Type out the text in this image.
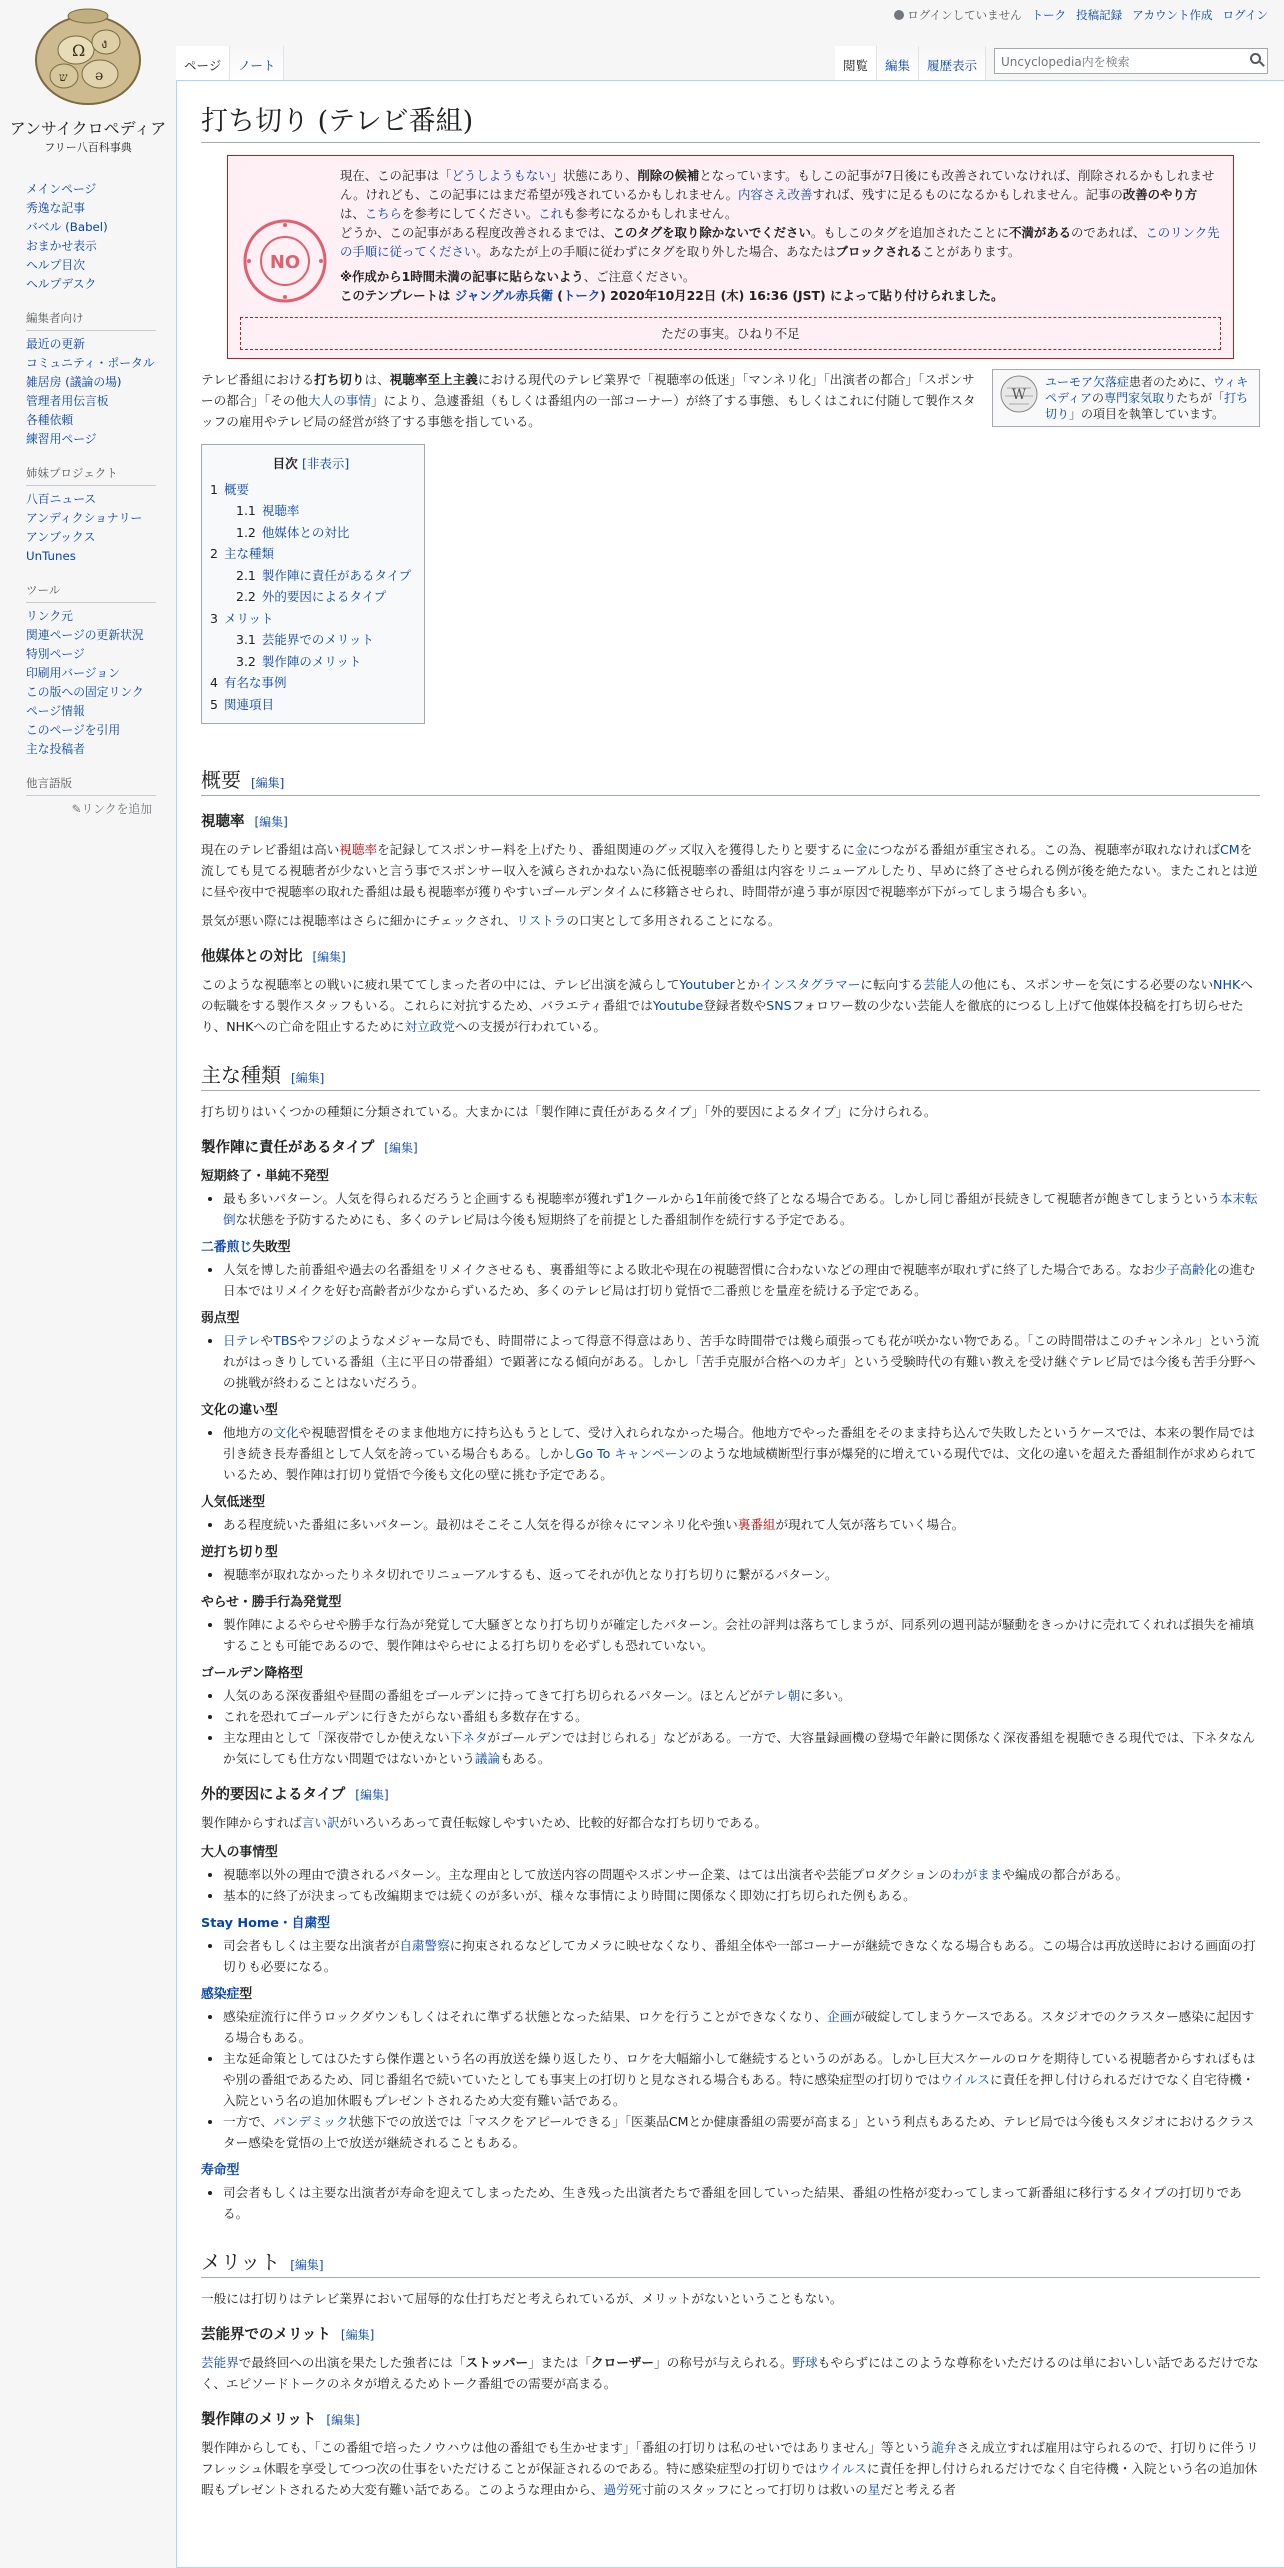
ログインしていません トーク 投稿記録 アカウント作成 ログイン
Ω ง
ə
ש
アンサイクロペディア
フリー八百科事典
メインページ
秀逸な記事
バベル (Babel)
おまかせ表示
ヘルプ目次
ヘルプデスク
編集者向け
最近の更新
コミュニティ・ポータル
雑居房 (議論の場)
管理者用伝言板
各種依頼
練習用ページ
姉妹プロジェクト
八百ニュース
アンディクショナリー
アンブックス
UnTunes
ツール
リンク元
関連ページの更新状況
特別ページ
印刷用バージョン
この版への固定リンク
ページ情報
このページを引用
主な投稿者
他言語版
✎リンクを追加
ページ ノート	閲覧 編集 履歴表示 Uncyclopedia内を検索
打ち切り (テレビ番組)
NO
現在、この記事は「どうしようもない」状態にあり、削除の候補となっています。もしこの記事が7日後にも改善されていなければ、削除されるかもしれません。けれども、この記事にはまだ希望が残されているかもしれません。内容さえ改善すれば、残すに足るものになるかもしれません。記事の改善のやり方は、こちらを参考にしてください。これも参考になるかもしれません。
どうか、この記事がある程度改善されるまでは、このタグを取り除かないでください。もしこのタグを追加されたことに不満があるのであれば、このリンク先の手順に従ってください。あなたが上の手順に従わずにタグを取り外した場合、あなたはブロックされることがあります。
※作成から1時間未満の記事に貼らないよう、ご注意ください。
このテンプレートは ジャングル赤兵衛 (トーク) 2020年10月22日 (木) 16:36 (JST) によって貼り付けられました。
ただの事実。ひねり不足
W
ユーモア欠落症患者のために、ウィキペディアの専門家気取りたちが「打ち切り」の項目を執筆しています。

テレビ番組における打ち切りは、視聴率至上主義における現代のテレビ業界で「視聴率の低迷」「マンネリ化」「出演者の都合」「スポンサーの都合」「その他大人の事情」により、急遽番組（もしくは番組内の一部コーナー）が終了する事態、もしくはこれに付随して製作スタッフの雇用やテレビ局の経営が終了する事態を指している。

目次 [非表示]
1 概要
1.1 視聴率
1.2 他媒体との対比
2 主な種類
2.1 製作陣に責任があるタイプ
2.2 外的要因によるタイプ
3 メリット
3.1 芸能界でのメリット
3.2 製作陣のメリット
4 有名な事例
5 関連項目
概要 [編集]
視聴率 [編集]

現在のテレビ番組は高い視聴率を記録してスポンサー料を上げたり、番組関連のグッズ収入を獲得したりと要するに金につながる番組が重宝される。この為、視聴率が取れなければCMを流しても見てる視聴者が少ないと言う事でスポンサー収入を減らされかねない為に低視聴率の番組は内容をリニューアルしたり、早めに終了させられる例が後を絶たない。またこれとは逆に昼や夜中で視聴率の取れた番組は最も視聴率が獲りやすいゴールデンタイムに移籍させられ、時間帯が違う事が原因で視聴率が下がってしまう場合も多い。

景気が悪い際には視聴率はさらに細かにチェックされ、リストラの口実として多用されることになる。

他媒体との対比 [編集]

このような視聴率との戦いに疲れ果ててしまった者の中には、テレビ出演を減らしてYoutuberとかインスタグラマーに転向する芸能人の他にも、スポンサーを気にする必要のないNHKへの転職をする製作スタッフもいる。これらに対抗するため、バラエティ番組ではYoutube登録者数やSNSフォロワー数の少ない芸能人を徹底的につるし上げて他媒体投稿を打ち切らせたり、NHKへの亡命を阻止するために対立政党への支援が行われている。

主な種類 [編集]

打ち切りはいくつかの種類に分類されている。大まかには「製作陣に責任があるタイプ」「外的要因によるタイプ」に分けられる。

製作陣に責任があるタイプ [編集]
短期終了・単純不発型
• 最も多いパターン。人気を得られるだろうと企画するも視聴率が獲れず1クールから1年前後で終了となる場合である。しかし同じ番組が長続きして視聴者が飽きてしまうという本末転倒な状態を予防するためにも、多くのテレビ局は今後も短期終了を前提とした番組制作を続行する予定である。
二番煎じ失敗型
• 人気を博した前番組や過去の名番組をリメイクさせるも、裏番組等による敗北や現在の視聴習慣に合わないなどの理由で視聴率が取れずに終了した場合である。なお少子高齢化の進む日本ではリメイクを好む高齢者が少なからずいるため、多くのテレビ局は打切り覚悟で二番煎じを量産を続ける予定である。
弱点型
• 日テレやTBSやフジのようなメジャーな局でも、時間帯によって得意不得意はあり、苦手な時間帯では幾ら頑張っても花が咲かない物である。「この時間帯はこのチャンネル」という流れがはっきりしている番組（主に平日の帯番組）で顕著になる傾向がある。しかし「苦手克服が合格へのカギ」という受験時代の有難い教えを受け継ぐテレビ局では今後も苦手分野への挑戦が終わることはないだろう。
文化の違い型
• 他地方の文化や視聴習慣をそのまま他地方に持ち込もうとして、受け入れられなかった場合。他地方でやった番組をそのまま持ち込んで失敗したというケースでは、本来の製作局では引き続き長寿番組として人気を誇っている場合もある。しかしGo To キャンペーンのような地域横断型行事が爆発的に増えている現代では、文化の違いを超えた番組制作が求められているため、製作陣は打切り覚悟で今後も文化の壁に挑む予定である。
人気低迷型
• ある程度続いた番組に多いパターン。最初はそこそこ人気を得るが徐々にマンネリ化や強い裏番組が現れて人気が落ちていく場合。
逆打ち切り型
• 視聴率が取れなかったりネタ切れでリニューアルするも、返ってそれが仇となり打ち切りに繋がるパターン。
やらせ・勝手行為発覚型
• 製作陣によるやらせや勝手な行為が発覚して大騒ぎとなり打ち切りが確定したパターン。会社の評判は落ちてしまうが、同系列の週刊誌が騒動をきっかけに売れてくれれば損失を補填することも可能であるので、製作陣はやらせによる打ち切りを必ずしも恐れていない。
ゴールデン降格型
• 人気のある深夜番組や昼間の番組をゴールデンに持ってきて打ち切られるパターン。ほとんどがテレ朝に多い。
• これを恐れてゴールデンに行きたがらない番組も多数存在する。
• 主な理由として「深夜帯でしか使えない下ネタがゴールデンでは封じられる」などがある。一方で、大容量録画機の登場で年齢に関係なく深夜番組を視聴できる現代では、下ネタなんか気にしても仕方ない問題ではないかという議論もある。
外的要因によるタイプ [編集]

製作陣からすれば言い訳がいろいろあって責任転嫁しやすいため、比較的好都合な打ち切りである。

大人の事情型
• 視聴率以外の理由で潰されるパターン。主な理由として放送内容の問題やスポンサー企業、はては出演者や芸能プロダクションのわがままや編成の都合がある。
• 基本的に終了が決まっても改編期までは続くのが多いが、様々な事情により時間に関係なく即効に打ち切られた例もある。
Stay Home・自粛型
• 司会者もしくは主要な出演者が自粛警察に拘束されるなどしてカメラに映せなくなり、番組全体や一部コーナーが継続できなくなる場合もある。この場合は再放送時における画面の打切りも必要になる。
感染症型
• 感染症流行に伴うロックダウンもしくはそれに準ずる状態となった結果、ロケを行うことができなくなり、企画が破綻してしまうケースである。スタジオでのクラスター感染に起因する場合もある。
• 主な延命策としてはひたすら傑作選という名の再放送を繰り返したり、ロケを大幅縮小して継続するというのがある。しかし巨大スケールのロケを期待している視聴者からすればもはや別の番組であるため、同じ番組名で続いていたとしても事実上の打切りと見なされる場合もある。特に感染症型の打切りではウイルスに責任を押し付けられるだけでなく自宅待機・入院という名の追加休暇もプレゼントされるため大変有難い話である。
• 一方で、パンデミック状態下での放送では「マスクをアピールできる」「医薬品CMとか健康番組の需要が高まる」という利点もあるため、テレビ局では今後もスタジオにおけるクラスター感染を覚悟の上で放送が継続されることもある。
寿命型
• 司会者もしくは主要な出演者が寿命を迎えてしまったため、生き残った出演者たちで番組を回していった結果、番組の性格が変わってしまって新番組に移行するタイプの打切りである。
メリット [編集]

一般には打切りはテレビ業界において屈辱的な仕打ちだと考えられているが、メリットがないということもない。

芸能界でのメリット [編集]

芸能界で最終回への出演を果たした強者には「ストッパー」または「クローザー」の称号が与えられる。野球もやらずにはこのような尊称をいただけるのは単においしい話であるだけでなく、エピソードトークのネタが増えるためトーク番組での需要が高まる。

製作陣のメリット [編集]

製作陣からしても、「この番組で培ったノウハウは他の番組でも生かせます」「番組の打切りは私のせいではありません」等という詭弁さえ成立すれば雇用は守られるので、打切りに伴うリフレッシュ休暇を享受してつつ次の仕事をいただけることが保証されるのである。特に感染症型の打切りではウイルスに責任を押し付けられるだけでなく自宅待機・入院という名の追加休暇もプレゼントされるため大変有難い話である。このような理由から、過労死寸前のスタッフにとって打切りは救いの星だと考える者
